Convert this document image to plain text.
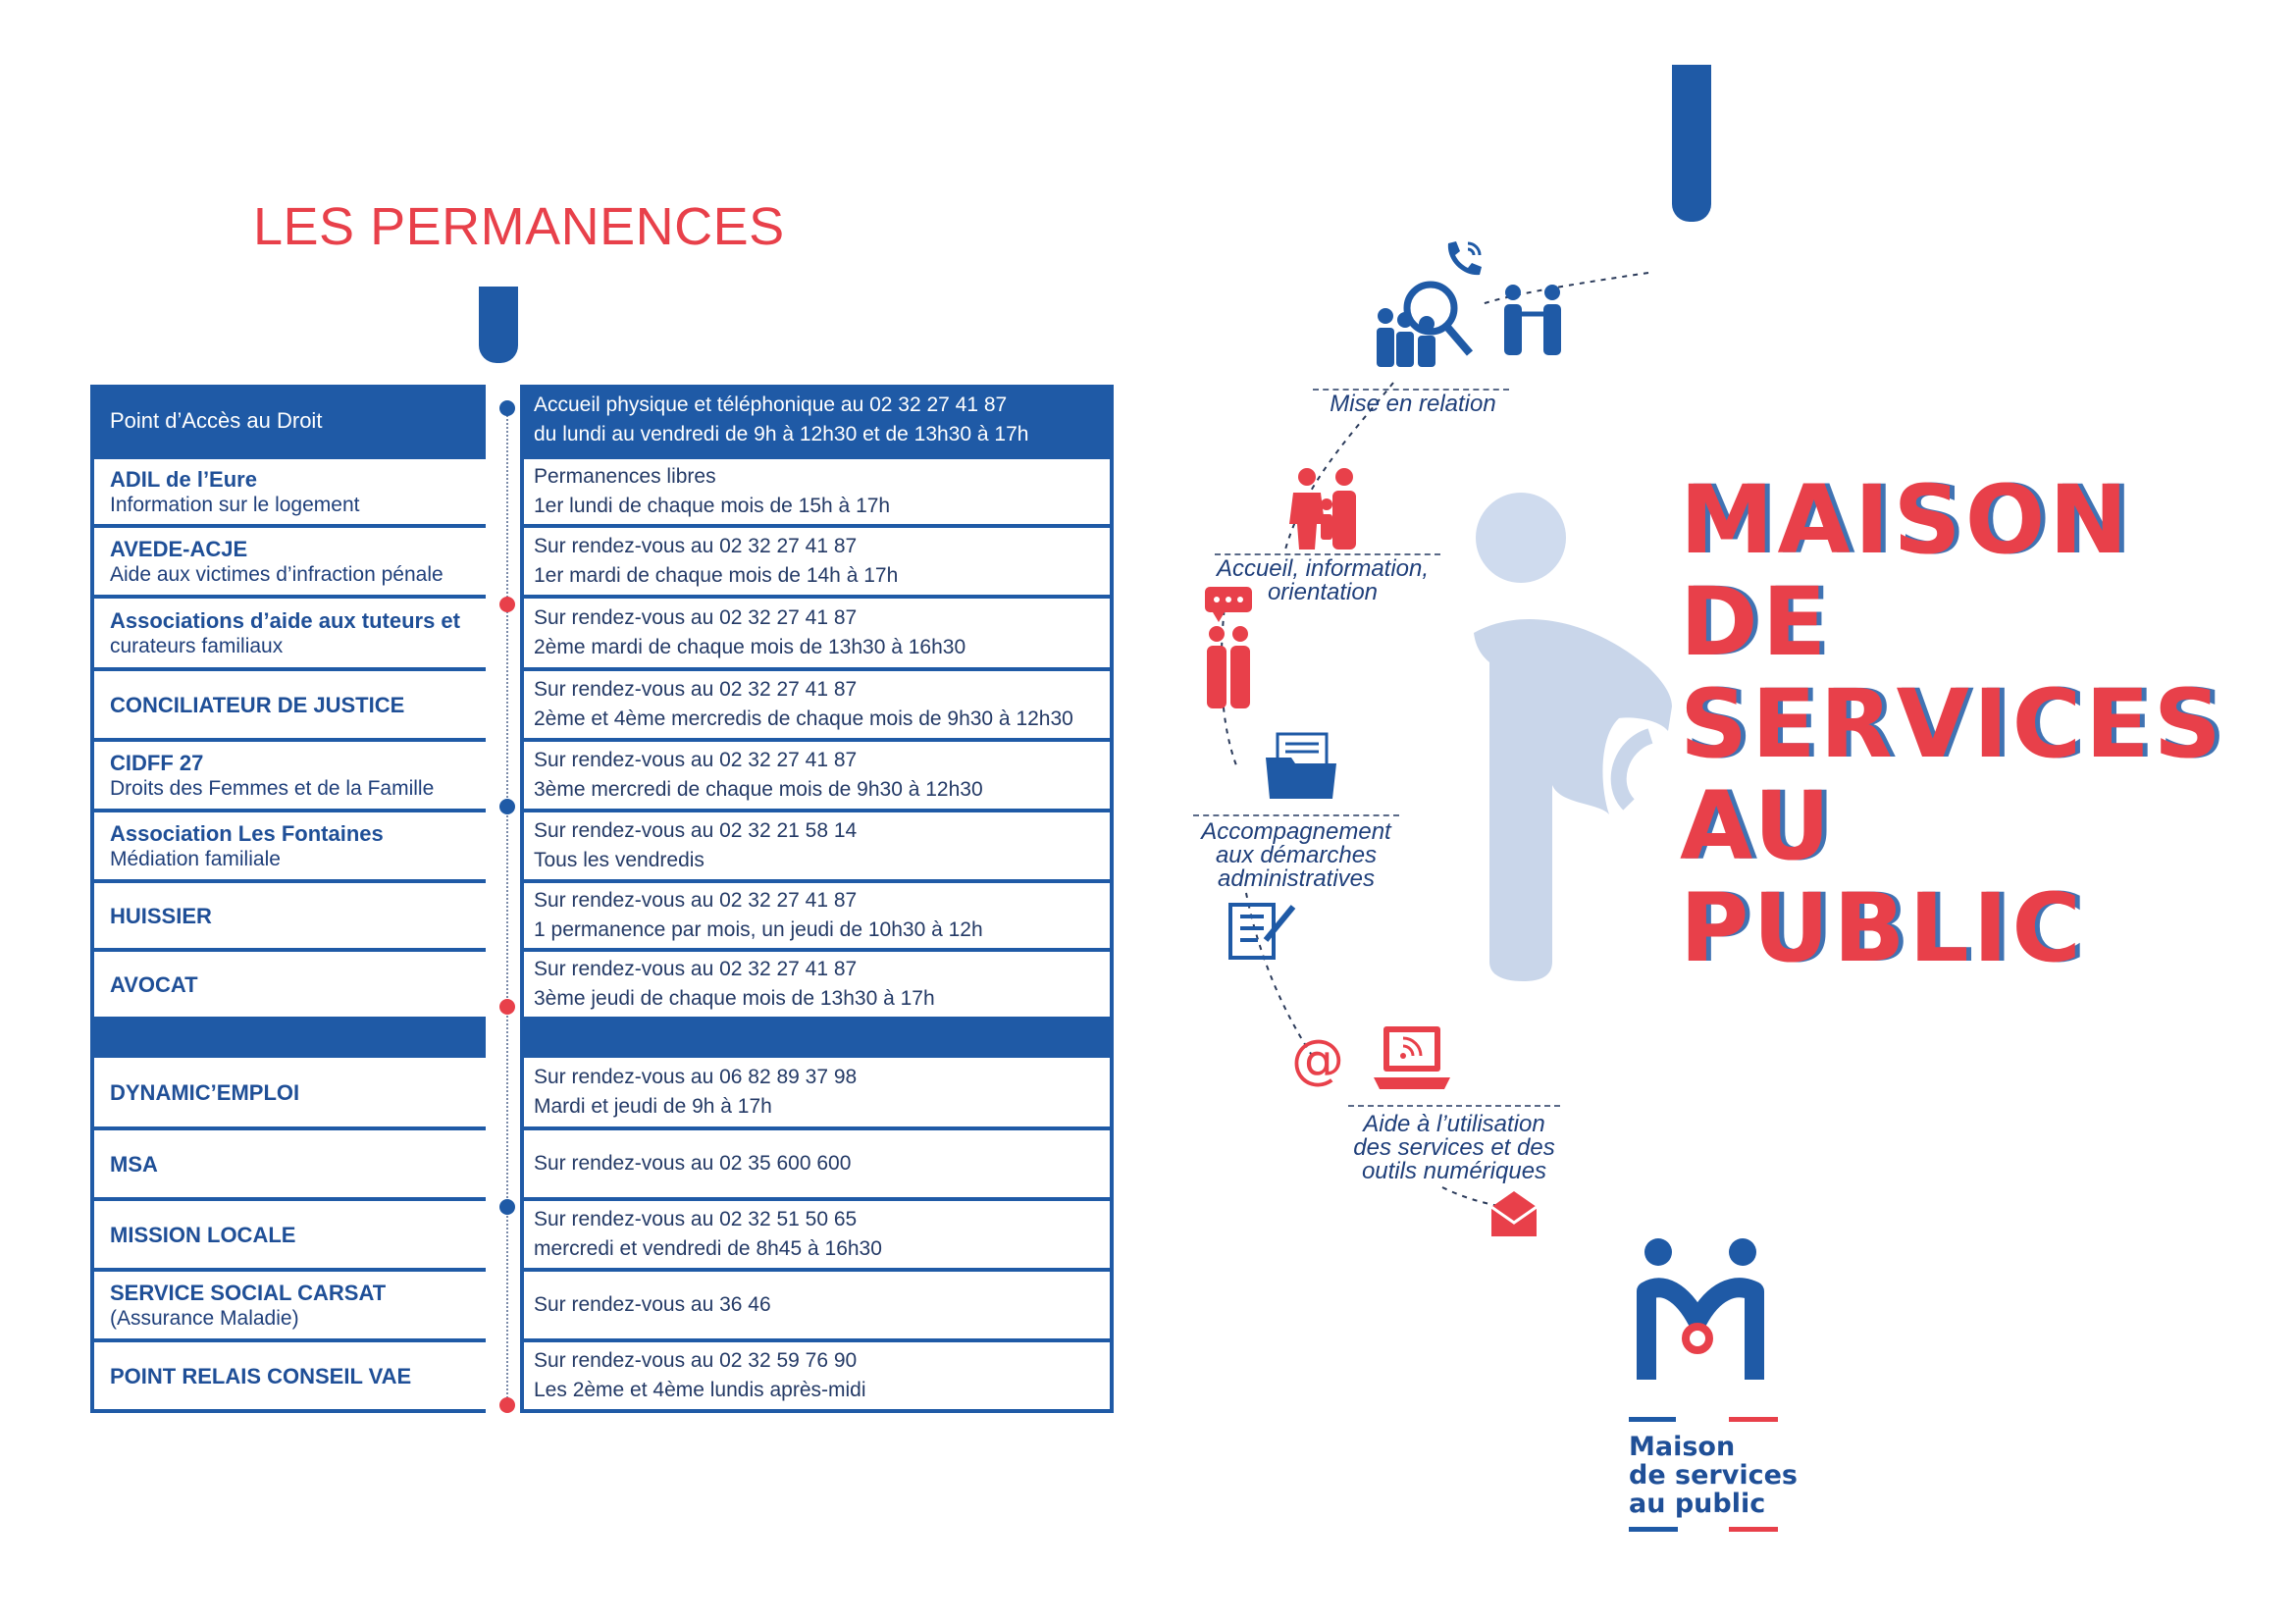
LES PERMANENCES
Point d’Accès au Droit
Accueil physique et téléphonique au 02 32 27 41 87
du lundi au vendredi de 9h à 12h30 et de 13h30 à 17h
ADIL de l’Eure
Information sur le logement
Permanences libres
1er lundi de chaque mois de 15h à 17h
AVEDE-ACJE
Aide aux victimes d’infraction pénale
Sur rendez-vous au 02 32 27 41 87
1er mardi de chaque mois de 14h à 17h
Associations d’aide aux tuteurs et
curateurs familiaux
Sur rendez-vous au 02 32 27 41 87
2ème mardi de chaque mois de 13h30 à 16h30
CONCILIATEUR DE JUSTICE
Sur rendez-vous au 02 32 27 41 87
2ème et 4ème mercredis de chaque mois de 9h30 à 12h30
CIDFF 27
Droits des Femmes et de la Famille
Sur rendez-vous au 02 32 27 41 87
3ème mercredi de chaque mois de 9h30 à 12h30
Association Les Fontaines
Médiation familiale
Sur rendez-vous au 02 32 21 58 14
Tous les vendredis
HUISSIER
Sur rendez-vous au 02 32 27 41 87
1 permanence par mois, un jeudi de 10h30 à 12h
AVOCAT
Sur rendez-vous au 02 32 27 41 87
3ème jeudi de chaque mois de 13h30 à 17h
DYNAMIC’EMPLOI
Sur rendez-vous au 06 82 89 37 98
Mardi et jeudi de 9h à 17h
MSA	Sur rendez-vous au 02 35 600 600
MISSION LOCALE
Sur rendez-vous au 02 32 51 50 65
mercredi et vendredi de 8h45 à 16h30
SERVICE SOCIAL CARSAT
(Assurance Maladie)
Sur rendez-vous au 36 46
POINT RELAIS CONSEIL VAE
Sur rendez-vous au 02 32 59 76 90
Les 2ème et 4ème lundis après-midi
@
Mise en relation
Accueil, information,
orientation
Accompagnement
aux démarches
administratives
Aide à l’utilisation
des services et des
outils numériques
MAISON
DE
SERVICES
AU
PUBLIC
Maison
de services
au public
